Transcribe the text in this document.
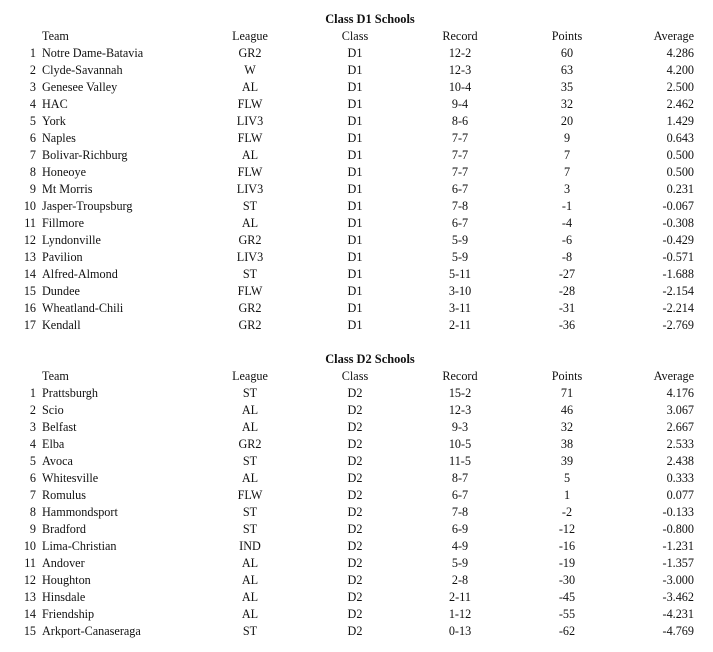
Class D1 Schools
Team	League	Class	Record	Points	Average
1 Notre Dame-Batavia	GR2	D1	12-2	60	4.286
2 Clyde-Savannah	W	D1	12-3	63	4.200
3 Genesee Valley	AL	D1	10-4	35	2.500
4 HAC	FLW	D1	9-4	32	2.462
5 York	LIV3	D1	8-6	20	1.429
6 Naples	FLW	D1	7-7	9	0.643
7 Bolivar-Richburg	AL	D1	7-7	7	0.500
8 Honeoye	FLW	D1	7-7	7	0.500
9 Mt Morris	LIV3	D1	6-7	3	0.231
10 Jasper-Troupsburg	ST	D1	7-8	-1	-0.067
11 Fillmore	AL	D1	6-7	-4	-0.308
12 Lyndonville	GR2	D1	5-9	-6	-0.429
13 Pavilion	LIV3	D1	5-9	-8	-0.571
14 Alfred-Almond	ST	D1	5-11	-27	-1.688
15 Dundee	FLW	D1	3-10	-28	-2.154
16 Wheatland-Chili	GR2	D1	3-11	-31	-2.214
17 Kendall	GR2	D1	2-11	-36	-2.769
Class D2 Schools
Team	League	Class	Record	Points	Average
1 Prattsburgh	ST	D2	15-2	71	4.176
2 Scio	AL	D2	12-3	46	3.067
3 Belfast	AL	D2	9-3	32	2.667
4 Elba	GR2	D2	10-5	38	2.533
5 Avoca	ST	D2	11-5	39	2.438
6 Whitesville	AL	D2	8-7	5	0.333
7 Romulus	FLW	D2	6-7	1	0.077
8 Hammondsport	ST	D2	7-8	-2	-0.133
9 Bradford	ST	D2	6-9	-12	-0.800
10 Lima-Christian	IND	D2	4-9	-16	-1.231
11 Andover	AL	D2	5-9	-19	-1.357
12 Houghton	AL	D2	2-8	-30	-3.000
13 Hinsdale	AL	D2	2-11	-45	-3.462
14 Friendship	AL	D2	1-12	-55	-4.231
15 Arkport-Canaseraga	ST	D2	0-13	-62	-4.769
